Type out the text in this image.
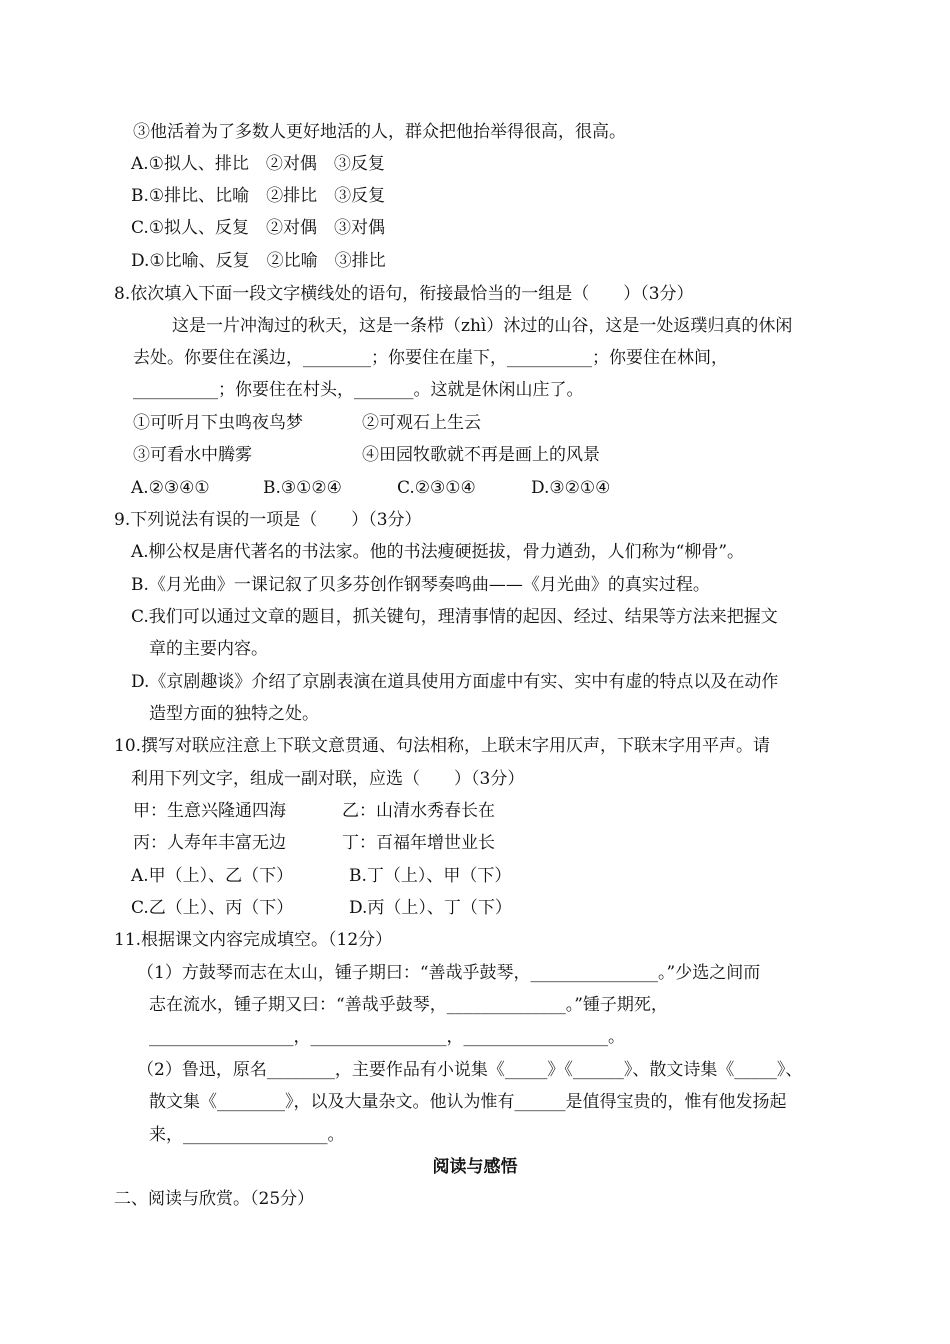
③他活着为了多数人更好地活的人，群众把他抬举得很高，很高。
A.①拟人、排比　②对偶　③反复
B.①排比、比喻　②排比　③反复
C.①拟人、反复　②对偶　③对偶
D.①比喻、反复　②比喻　③排比
8.依次填入下面一段文字横线处的语句，衔接最恰当的一组是（　　）（3分）
这是一片冲淘过的秋天，这是一条栉（zhì）沐过的山谷，这是一处返璞归真的休闲
去处。你要住在溪边，________；你要住在崖下，__________；你要住在林间，
__________；你要住在村头，_______。这就是休闲山庄了。
①可听月下虫鸣夜鸟梦	②可观石上生云
③可看水中腾雾	④田园牧歌就不再是画上的风景
A.②③④①	B.③①②④	C.②③①④	D.③②①④
9.下列说法有误的一项是（　　）（3分）
A.柳公权是唐代著名的书法家。他的书法瘦硬挺拔，骨力遒劲，人们称为“柳骨”。
B.《月光曲》一课记叙了贝多芬创作钢琴奏鸣曲——《月光曲》的真实过程。
C.我们可以通过文章的题目，抓关键句，理清事情的起因、经过、结果等方法来把握文
章的主要内容。
D.《京剧趣谈》介绍了京剧表演在道具使用方面虚中有实、实中有虚的特点以及在动作
造型方面的独特之处。
10.撰写对联应注意上下联文意贯通、句法相称，上联末字用仄声，下联末字用平声。请
利用下列文字，组成一副对联，应选（　　）（3分）
甲：生意兴隆通四海	乙：山清水秀春长在
丙：人寿年丰富无边	丁：百福年增世业长
A.甲（上）、乙（下）	B.丁（上）、甲（下）
C.乙（上）、丙（下）	D.丙（上）、丁（下）
11.根据课文内容完成填空。（12分）
（1）方鼓琴而志在太山，锺子期曰：“善哉乎鼓琴，_______________。”少选之间而
志在流水，锺子期又曰：“善哉乎鼓琴，______________。”锺子期死，
_________________，________________，_________________。
（2）鲁迅，原名________，主要作品有小说集《_____》《______》、散文诗集《_____》、
散文集《________》，以及大量杂文。他认为惟有______是值得宝贵的，惟有他发扬起
来，_________________。
阅读与感悟
二、阅读与欣赏。（25分）
